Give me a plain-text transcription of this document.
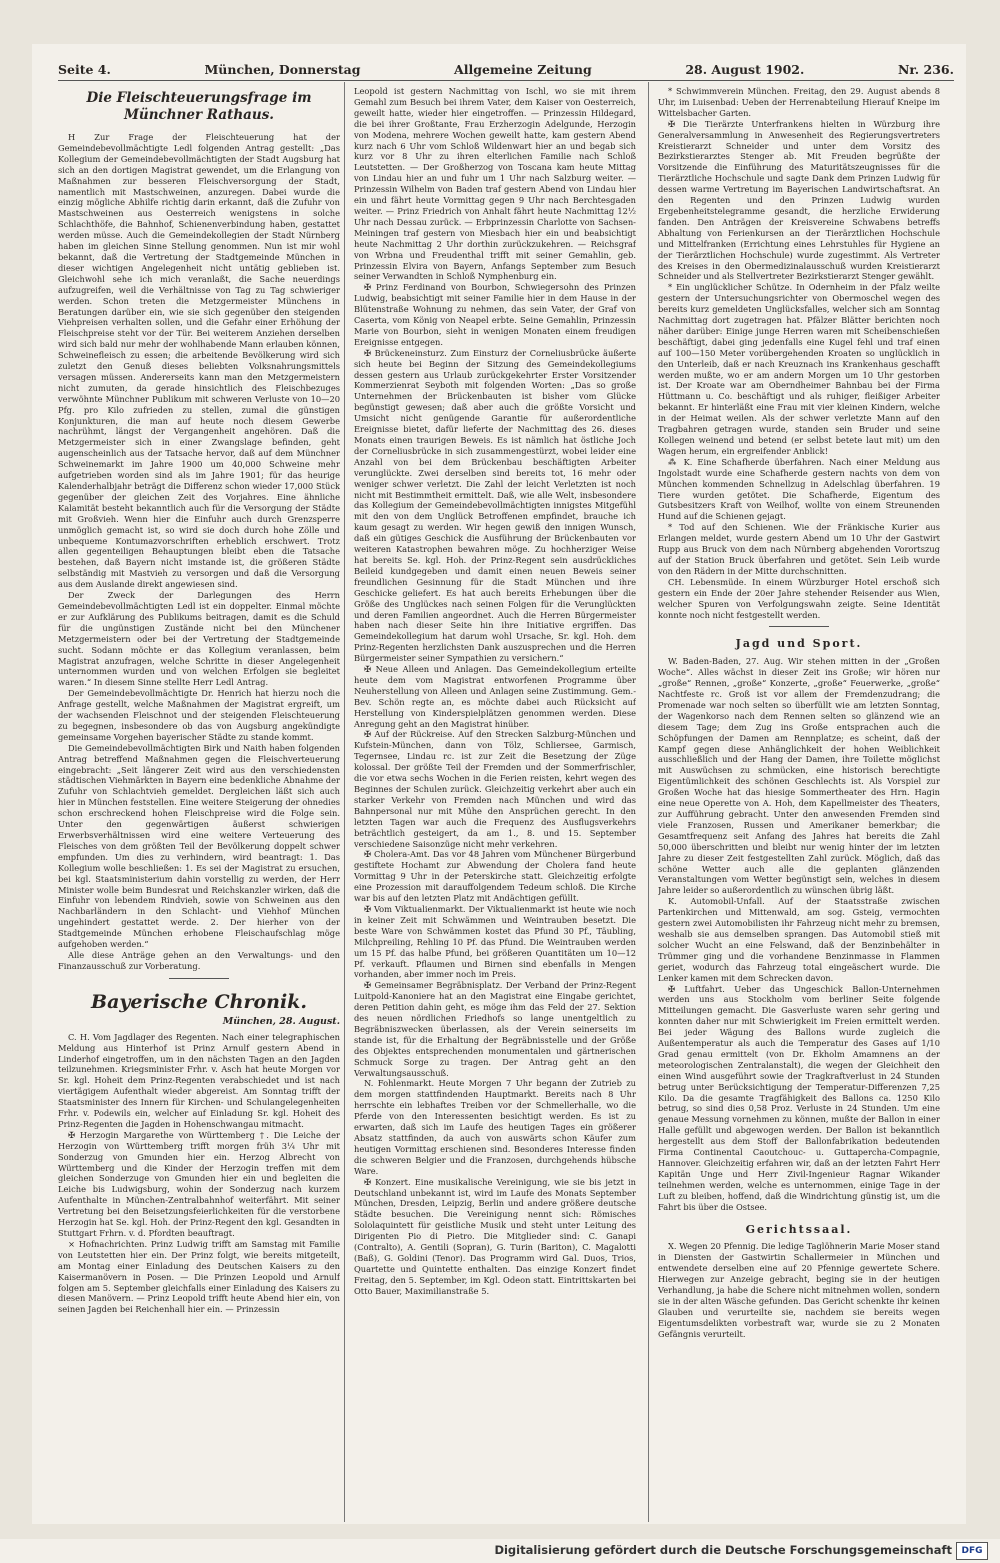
Seite 4.	München, Donnerstag	Allgemeine Zeitung	28. August 1902.	Nr. 236.
Die Fleischteuerungsfrage im Münchner Rathaus.

H Zur Frage der Fleischteuerung hat der Gemeindebevollmächtigte Ledl folgenden Antrag gestellt: „Das Kollegium der Gemeindebevollmächtigten der Stadt Augsburg hat sich an den dortigen Magistrat gewendet, um die Erlangung von Maßnahmen zur besseren Fleischversorgung der Stadt, namentlich mit Mastschweinen, anzuregen. Dabei wurde die einzig mögliche Abhilfe richtig darin erkannt, daß die Zufuhr von Mastschweinen aus Oesterreich wenigstens in solche Schlachthöfe, die Bahnhof, Schienenverbindung haben, gestattet werden müsse. Auch die Gemeindekollegien der Stadt Nürnberg haben im gleichen Sinne Stellung genommen. Nun ist mir wohl bekannt, daß die Vertretung der Stadtgemeinde München in dieser wichtigen Angelegenheit nicht untätig geblieben ist. Gleichwohl sehe ich mich veranlaßt, die Sache neuerdings aufzugreifen, weil die Verhältnisse von Tag zu Tag schwieriger werden. Schon treten die Metzgermeister Münchens in Beratungen darüber ein, wie sie sich gegenüber den steigenden Viehpreisen verhalten sollen, und die Gefahr einer Erhöhung der Fleischpreise steht vor der Tür. Bei weiterem Anziehen derselben wird sich bald nur mehr der wohlhabende Mann erlauben können, Schweinefleisch zu essen; die arbeitende Bevölkerung wird sich zuletzt den Genuß dieses beliebten Volksnahrungsmittels versagen müssen. Andererseits kann man den Metzgermeistern nicht zumuten, da gerade hinsichtlich des Fleischbezuges verwöhnte Münchner Publikum mit schweren Verluste von 10—20 Pfg. pro Kilo zufrieden zu stellen, zumal die günstigen Konjunkturen, die man auf heute noch diesem Gewerbe nachrühmt, längst der Vergangenheit angehören. Daß die Metzgermeister sich in einer Zwangslage befinden, geht augenscheinlich aus der Tatsache hervor, daß auf dem Münchner Schweinemarkt im Jahre 1900 um 40,000 Schweine mehr aufgetrieben worden sind als im Jahre 1901; für das heurige Kalenderhalbjahr beträgt die Differenz schon wieder 17,000 Stück gegenüber der gleichen Zeit des Vorjahres. Eine ähnliche Kalamität besteht bekanntlich auch für die Versorgung der Städte mit Großvieh. Wenn hier die Einfuhr auch durch Grenzsperre unmöglich gemacht ist, so wird sie doch durch hohe Zölle und unbequeme Kontumazvorschriften erheblich erschwert. Trotz allen gegenteiligen Behauptungen bleibt eben die Tatsache bestehen, daß Bayern nicht imstande ist, die größeren Städte selbständig mit Mastvieh zu versorgen und daß die Versorgung aus dem Auslande direkt angewiesen sind.

Der Zweck der Darlegungen des Herrn Gemeindebevollmächtigten Ledl ist ein doppelter. Einmal möchte er zur Aufklärung des Publikums beitragen, damit es die Schuld für die ungünstigen Zustände nicht bei den Münchener Metzgermeistern oder bei der Vertretung der Stadtgemeinde sucht. Sodann möchte er das Kollegium veranlassen, beim Magistrat anzufragen, welche Schritte in dieser Angelegenheit unternommen wurden und von welchen Erfolgen sie begleitet waren.“ In diesem Sinne stellte Herr Ledl Antrag.

Der Gemeindebevollmächtigte Dr. Henrich hat hierzu noch die Anfrage gestellt, welche Maßnahmen der Magistrat ergreift, um der wachsenden Fleischnot und der steigenden Fleischteuerung zu begegnen, insbesondere ob das von Augsburg angekündigte gemeinsame Vorgehen bayerischer Städte zu stande kommt.

Die Gemeindebevollmächtigten Birk und Naith haben folgenden Antrag betreffend Maßnahmen gegen die Fleischverteuerung eingebracht: „Seit längerer Zeit wird aus den verschiedensten städtischen Viehmärkten in Bayern eine bedenkliche Abnahme der Zufuhr von Schlachtvieh gemeldet. Dergleichen läßt sich auch hier in München feststellen. Eine weitere Steigerung der ohnedies schon erschreckend hohen Fleischpreise wird die Folge sein. Unter den gegenwärtigen äußerst schwierigen Erwerbsverhältnissen wird eine weitere Verteuerung des Fleisches von dem größten Teil der Bevölkerung doppelt schwer empfunden. Um dies zu verhindern, wird beantragt: 1. Das Kollegium wolle beschließen: 1. Es sei der Magistrat zu ersuchen, bei kgl. Staatsministerium dahin vorstellig zu werden, der Herr Minister wolle beim Bundesrat und Reichskanzler wirken, daß die Einfuhr von lebendem Rindvieh, sowie von Schweinen aus den Nachbarländern in den Schlacht- und Viehhof München ungehindert gestattet werde. 2. Der hierher von der Stadtgemeinde München erhobene Fleischaufschlag möge aufgehoben werden.“

Alle diese Anträge gehen an den Verwaltungs- und den Finanzausschuß zur Vorberatung.

Bayerische Chronik.
München, 28. August.

C. H. Vom Jagdlager des Regenten. Nach einer telegraphischen Meldung aus Hinterhof ist Prinz Arnulf gestern Abend in Linderhof eingetroffen, um in den nächsten Tagen an den Jagden teilzunehmen. Kriegsminister Frhr. v. Asch hat heute Morgen vor Sr. kgl. Hoheit dem Prinz-Regenten verabschiedet und ist nach viertägigem Aufenthalt wieder abgereist. Am Sonntag trifft der Staatsminister des Innern für Kirchen- und Schulangelegenheiten Frhr. v. Podewils ein, welcher auf Einladung Sr. kgl. Hoheit des Prinz-Regenten die Jagden in Hohenschwangau mitmacht.

✠ Herzogin Margarethe von Württemberg †. Die Leiche der Herzogin von Württemberg trifft morgen früh 3¼ Uhr mit Sonderzug von Gmunden hier ein. Herzog Albrecht von Württemberg und die Kinder der Herzogin treffen mit dem gleichen Sonderzuge von Gmunden hier ein und begleiten die Leiche bis Ludwigsburg, wohin der Sonderzug nach kurzem Aufenthalte in München-Zentralbahnhof weiterfährt. Mit seiner Vertretung bei den Beisetzungsfeierlichkeiten für die verstorbene Herzogin hat Se. kgl. Hoh. der Prinz-Regent den kgl. Gesandten in Stuttgart Frhrn. v. d. Pfordten beauftragt.

× Hofnachrichten. Prinz Ludwig trifft am Samstag mit Familie von Leutstetten hier ein. Der Prinz folgt, wie bereits mitgeteilt, am Montag einer Einladung des Deutschen Kaisers zu den Kaisermanövern in Posen. — Die Prinzen Leopold und Arnulf folgen am 5. September gleichfalls einer Einladung des Kaisers zu diesen Manövern. — Prinz Leopold trifft heute Abend hier ein, von seinen Jagden bei Reichenhall hier ein. — Prinzessin

Leopold ist gestern Nachmittag von Ischl, wo sie mit ihrem Gemahl zum Besuch bei ihrem Vater, dem Kaiser von Oesterreich, geweilt hatte, wieder hier eingetroffen. — Prinzessin Hildegard, die bei ihrer Großtante, Frau Erzherzogin Adelgunde, Herzogin von Modena, mehrere Wochen geweilt hatte, kam gestern Abend kurz nach 6 Uhr vom Schloß Wildenwart hier an und begab sich kurz vor 8 Uhr zu ihren elterlichen Familie nach Schloß Leutstetten. — Der Großherzog von Toscana kam heute Mittag von Lindau hier an und fuhr um 1 Uhr nach Salzburg weiter. — Prinzessin Wilhelm von Baden traf gestern Abend von Lindau hier ein und fährt heute Vormittag gegen 9 Uhr nach Berchtesgaden weiter. — Prinz Friedrich von Anhalt fährt heute Nachmittag 12½ Uhr nach Dessau zurück. — Erbprinzessin Charlotte von Sachsen-Meiningen traf gestern von Miesbach hier ein und beabsichtigt heute Nachmittag 2 Uhr dorthin zurückzukehren. — Reichsgraf von Wrbna und Freudenthal trifft mit seiner Gemahlin, geb. Prinzessin Elvira von Bayern, Anfangs September zum Besuch seiner Verwandten in Schloß Nymphenburg ein.

✠ Prinz Ferdinand von Bourbon, Schwiegersohn des Prinzen Ludwig, beabsichtigt mit seiner Familie hier in dem Hause in der Blütenstraße Wohnung zu nehmen, das sein Vater, der Graf von Caserta, vom König von Neapel erbte. Seine Gemahlin, Prinzessin Marie von Bourbon, sieht in wenigen Monaten einem freudigen Ereignisse entgegen.

✠ Brückeneinsturz. Zum Einsturz der Corneliusbrücke äußerte sich heute bei Beginn der Sitzung des Gemeindekollegiums dessen gestern aus Urlaub zurückgekehrter Erster Vorsitzender Kommerzienrat Seyboth mit folgenden Worten: „Das so große Unternehmen der Brückenbauten ist bisher vom Glücke begünstigt gewesen; daß aber auch die größte Vorsicht und Umsicht nicht genügende Garantie für außerordentliche Ereignisse bietet, dafür lieferte der Nachmittag des 26. dieses Monats einen traurigen Beweis. Es ist nämlich hat östliche Joch der Corneliusbrücke in sich zusammengestürzt, wobei leider eine Anzahl von bei dem Brückenbau beschäftigten Arbeiter verunglückte. Zwei derselben sind bereits tot, 16 mehr oder weniger schwer verletzt. Die Zahl der leicht Verletzten ist noch nicht mit Bestimmtheit ermittelt. Daß, wie alle Welt, insbesondere das Kollegium der Gemeindebevollmächtigten innigstes Mitgefühl mit den von dem Unglück Betroffenen empfindet, brauche ich kaum gesagt zu werden. Wir hegen gewiß den innigen Wunsch, daß ein gütiges Geschick die Ausführung der Brückenbauten vor weiteren Katastrophen bewahren möge. Zu hochherziger Weise hat bereits Se. kgl. Hoh. der Prinz-Regent sein ausdrückliches Beileid kundgegeben und damit einen neuen Beweis seiner freundlichen Gesinnung für die Stadt München und ihre Geschicke geliefert. Es hat auch bereits Erhebungen über die Größe des Unglückes nach seinen Folgen für die Verunglückten und deren Familien angeordnet. Auch die Herren Bürgermeister haben nach dieser Seite hin ihre Initiative ergriffen. Das Gemeindekollegium hat darum wohl Ursache, Sr. kgl. Hoh. dem Prinz-Regenten herzlichsten Dank auszusprechen und die Herren Bürgermeister seiner Sympathien zu versichern.“

✠ Neue Alleen und Anlagen. Das Gemeindekollegium erteilte heute dem vom Magistrat entworfenen Programme über Neuherstellung von Alleen und Anlagen seine Zustimmung. Gem.-Bev. Schön regte an, es möchte dabei auch Rücksicht auf Herstellung von Kinderspielplätzen genommen werden. Diese Anregung geht an den Magistrat hinüber.

✠ Auf der Rückreise. Auf den Strecken Salzburg-München und Kufstein-München, dann von Tölz, Schliersee, Garmisch, Tegernsee, Lindau rc. ist zur Zeit die Besetzung der Züge kolossal. Der größte Teil der Fremden und der Sommerfrischler, die vor etwa sechs Wochen in die Ferien reisten, kehrt wegen des Beginnes der Schulen zurück. Gleichzeitig verkehrt aber auch ein starker Verkehr von Fremden nach München und wird das Bahnpersonal nur mit Mühe den Ansprüchen gerecht. In den letzten Tagen war auch die Frequenz des Ausflugsverkehrs beträchtlich gesteigert, da am 1., 8. und 15. September verschiedene Saisonzüge nicht mehr verkehren.

✠ Cholera-Amt. Das vor 48 Jahren vom Münchener Bürgerbund gestiftete Hochamt zur Abwendung der Cholera fand heute Vormittag 9 Uhr in der Peterskirche statt. Gleichzeitig erfolgte eine Prozession mit darauffolgendem Tedeum schloß. Die Kirche war bis auf den letzten Platz mit Andächtigen gefüllt.

✠ Vom Viktualienmarkt. Der Viktualienmarkt ist heute wie noch in keiner Zeit mit Schwämmen und Weintrauben besetzt. Die beste Ware von Schwämmen kostet das Pfund 30 Pf., Täubling, Milchpreiling, Rehling 10 Pf. das Pfund. Die Weintrauben werden um 15 Pf. das halbe Pfund, bei größeren Quantitäten um 10—12 Pf. verkauft. Pflaumen und Birnen sind ebenfalls in Mengen vorhanden, aber immer noch im Preis.

✠ Gemeinsamer Begräbnisplatz. Der Verband der Prinz-Regent Luitpold-Kanoniere hat an den Magistrat eine Eingabe gerichtet, deren Petition dahin geht, es möge ihm das Feld der 27. Sektion des neuen nördlichen Friedhofs so lange unentgeltlich zu Begräbniszwecken überlassen, als der Verein seinerseits im stande ist, für die Erhaltung der Begräbnisstelle und der Größe des Objektes entsprechenden monumentalen und gärtnerischen Schmuck Sorge zu tragen. Der Antrag geht an den Verwaltungsausschuß.

N. Fohlenmarkt. Heute Morgen 7 Uhr begann der Zutrieb zu dem morgen stattfindenden Hauptmarkt. Bereits nach 8 Uhr herrschte ein lebhaftes Treiben vor der Schmellerhalle, wo die Pferde von den Interessenten besichtigt werden. Es ist zu erwarten, daß sich im Laufe des heutigen Tages ein größerer Absatz stattfinden, da auch von auswärts schon Käufer zum heutigen Vormittag erschienen sind. Besonderes Interesse finden die schweren Belgier und die Franzosen, durchgehends hübsche Ware.

✠ Konzert. Eine musikalische Vereinigung, wie sie bis jetzt in Deutschland unbekannt ist, wird im Laufe des Monats September München, Dresden, Leipzig, Berlin und andere größere deutsche Städte besuchen. Die Vereinigung nennt sich: Römisches Sololaquintett für geistliche Musik und steht unter Leitung des Dirigenten Pio di Pietro. Die Mitglieder sind: C. Ganapi (Contralto), A. Gentili (Sopran), G. Turin (Bariton), C. Magalotti (Baß), G. Goldini (Tenor). Das Programm wird Gal. Duos, Trios, Quartette und Quintette enthalten. Das einzige Konzert findet Freitag, den 5. September, im Kgl. Odeon statt. Eintrittskarten bei Otto Bauer, Maximilianstraße 5.

* Schwimmverein München. Freitag, den 29. August abends 8 Uhr, im Luisenbad: Ueben der Herrenabteilung Hierauf Kneipe im Wittelsbacher Garten.

✠ Die Tierärzte Unterfrankens hielten in Würzburg ihre Generalversammlung in Anwesenheit des Regierungsvertreters Kreistierarzt Schneider und unter dem Vorsitz des Bezirkstierarztes Stenger ab. Mit Freuden begrüßte der Vorsitzende die Einführung des Maturitätszeugnisses für die Tierärztliche Hochschule und sagte Dank dem Prinzen Ludwig für dessen warme Vertretung im Bayerischen Landwirtschaftsrat. An den Regenten und den Prinzen Ludwig wurden Ergebenheitstelegramme gesandt, die herzliche Erwiderung fanden. Den Anträgen der Kreisvereine Schwabens betreffs Abhaltung von Ferienkursen an der Tierärztlichen Hochschule und Mittelfranken (Errichtung eines Lehrstuhles für Hygiene an der Tierärztlichen Hochschule) wurde zugestimmt. Als Vertreter des Kreises in den Obermedizinalausschuß wurden Kreistierarzt Schneider und als Stellvertreter Bezirkstierarzt Stenger gewählt.

* Ein unglücklicher Schütze. In Odernheim in der Pfalz weilte gestern der Untersuchungsrichter von Obermoschel wegen des bereits kurz gemeldeten Unglücksfalles, welcher sich am Sonntag Nachmittag dort zugetragen hat. Pfälzer Blätter berichten noch näher darüber: Einige junge Herren waren mit Scheibenschießen beschäftigt, dabei ging jedenfalls eine Kugel fehl und traf einen auf 100—150 Meter vorübergehenden Kroaten so unglücklich in den Unterleib, daß er nach Kreuznach ins Krankenhaus geschafft werden mußte, wo er am andern Morgen um 10 Uhr gestorben ist. Der Kroate war am Oberndheimer Bahnbau bei der Firma Hüttmann u. Co. beschäftigt und als ruhiger, fleißiger Arbeiter bekannt. Er hinterläßt eine Frau mit vier kleinen Kindern, welche in der Heimat weilen. Als der schwer verletzte Mann auf den Tragbahren getragen wurde, standen sein Bruder und seine Kollegen weinend und betend (er selbst betete laut mit) um den Wagen herum, ein ergreifender Anblick!

⁂ K. Eine Schafherde überfahren. Nach einer Meldung aus Ingolstadt wurde eine Schafherde gestern nachts von dem von München kommenden Schnellzug in Adelschlag überfahren. 19 Tiere wurden getötet. Die Schafherde, Eigentum des Gutsbesitzers Kraft von Weilhof, wollte von einem Streunenden Hund auf die Schienen gejagt.

* Tod auf den Schienen. Wie der Fränkische Kurier aus Erlangen meldet, wurde gestern Abend um 10 Uhr der Gastwirt Rupp aus Bruck von dem nach Nürnberg abgehenden Vorortszug auf der Station Bruck überfahren und getötet. Sein Leib wurde von den Rädern in der Mitte durchschnitten.

CH. Lebensmüde. In einem Würzburger Hotel erschoß sich gestern ein Ende der 20er Jahre stehender Reisender aus Wien, welcher Spuren von Verfolgungswahn zeigte. Seine Identität konnte noch nicht festgestellt werden.

Jagd und Sport.

W. Baden-Baden, 27. Aug. Wir stehen mitten in der „Großen Woche“. Alles wächst in dieser Zeit ins Große; wir hören nur „große“ Rennen, „große“ Konzerte, „große“ Feuerwerke, „große“ Nachtfeste rc. Groß ist vor allem der Fremdenzudrang; die Promenade war noch selten so überfüllt wie am letzten Sonntag, der Wagenkorso nach dem Rennen selten so glänzend wie an diesem Tage; dem Zug ins Große entsprachen auch die Schöpfungen der Damen am Rennplatze; es scheint, daß der Kampf gegen diese Anhänglichkeit der hohen Weiblichkeit ausschließlich und der Hang der Damen, ihre Toilette möglichst mit Auswüchsen zu schmücken, eine historisch berechtigte Eigentümlichkeit des schönen Geschlechts ist. Als Vorspiel zur Großen Woche hat das hiesige Sommertheater des Hrn. Hagin eine neue Operette von A. Hoh, dem Kapellmeister des Theaters, zur Aufführung gebracht. Unter den anwesenden Fremden sind viele Franzosen, Russen und Amerikaner bemerkbar; die Gesamtfrequenz seit Anfang des Jahres hat bereits die Zahl 50,000 überschritten und bleibt nur wenig hinter der im letzten Jahre zu dieser Zeit festgestellten Zahl zurück. Möglich, daß das schöne Wetter auch alle die geplanten glänzenden Veranstaltungen vom Wetter begünstigt sein, welches in diesem Jahre leider so außerordentlich zu wünschen übrig läßt.

K. Automobil-Unfall. Auf der Staatsstraße zwischen Partenkirchen und Mittenwald, am sog. Gsteig, vermochten gestern zwei Automobilisten ihr Fahrzeug nicht mehr zu bremsen, weshalb sie aus demselben sprangen. Das Automobil stieß mit solcher Wucht an eine Felswand, daß der Benzinbehälter in Trümmer ging und die vorhandene Benzinmasse in Flammen geriet, wodurch das Fahrzeug total eingeäschert wurde. Die Lenker kamen mit dem Schrecken davon.

✠ Luftfahrt. Ueber das Ungeschick Ballon-Unternehmen werden uns aus Stockholm vom berliner Seite folgende Mitteilungen gemacht. Die Gasverluste waren sehr gering und konnten daher nur mit Schwierigkeit im Freien ermittelt werden. Bei jeder Wägung des Ballons wurde zugleich die Außentemperatur als auch die Temperatur des Gases auf 1/10 Grad genau ermittelt (von Dr. Ekholm Amamnens an der meteorologischen Zentralanstalt), die wegen der Gleichheit den einen Wind ausgeführt sowie der Tragkraftverlust in 24 Stunden betrug unter Berücksichtigung der Temperatur-Differenzen 7,25 Kilo. Da die gesamte Tragfähigkeit des Ballons ca. 1250 Kilo betrug, so sind dies 0,58 Proz. Verluste in 24 Stunden. Um eine genaue Messung vornehmen zu können, mußte der Ballon in einer Halle gefüllt und abgewogen werden. Der Ballon ist bekanntlich hergestellt aus dem Stoff der Ballonfabrikation bedeutenden Firma Continental Caoutchouc- u. Guttapercha-Compagnie, Hannover. Gleichzeitig erfahren wir, daß an der letzten Fahrt Herr Kapitän Unge und Herr Zivil-Ingenieur Ragnar Wikander teilnehmen werden, welche es unternommen, einige Tage in der Luft zu bleiben, hoffend, daß die Windrichtung günstig ist, um die Fahrt bis über die Ostsee.

Gerichtssaal.

X. Wegen 20 Pfennig. Die ledige Taglöhnerin Marie Moser stand in Diensten der Gastwirtin Schallermeier in München und entwendete derselben eine auf 20 Pfennige gewertete Schere. Hierwegen zur Anzeige gebracht, beging sie in der heutigen Verhandlung, ja habe die Schere nicht mitnehmen wollen, sondern sie in der alten Wäsche gefunden. Das Gericht schenkte ihr keinen Glauben und verurteilte sie, nachdem sie bereits wegen Eigentumsdelikten vorbestraft war, wurde sie zu 2 Monaten Gefängnis verurteilt.

Digitalisierung gefördert durch die Deutsche Forschungsgemeinschaft	DFG
